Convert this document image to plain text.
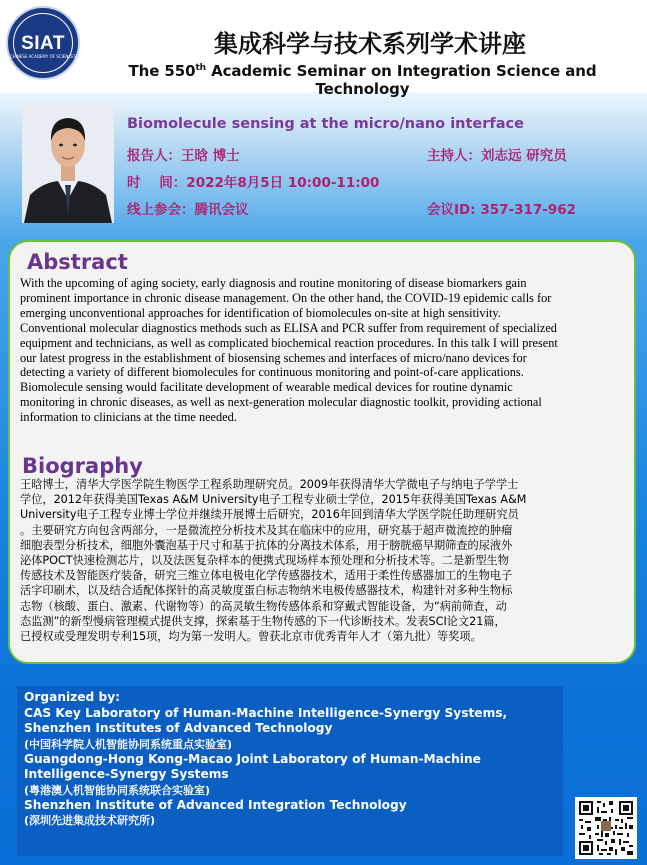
SIAT
CHINESE ACADEMY OF SCIENCES	集成科学与技术系列学术讲座
The 550th Academic Seminar on Integration Science and Technology
Biomolecule sensing at the micro/nano interface
报告人：王晗 博士	主持人：刘志远 研究员
时    间：2022年8月5日 10:00-11:00
线上参会：腾讯会议	会议ID: 357-317-962
Abstract
With the upcoming of aging society, early diagnosis and routine monitoring of disease biomarkers gain
prominent importance in chronic disease management. On the other hand, the COVID-19 epidemic calls for
emerging unconventional approaches for identification of biomolecules on-site at high sensitivity.
Conventional molecular diagnostics methods such as ELISA and PCR suffer from requirement of specialized
equipment and technicians, as well as complicated biochemical reaction procedures. In this talk I will present
our latest progress in the establishment of biosensing schemes and interfaces of micro/nano devices for
detecting a variety of different biomolecules for continuous monitoring and point-of-care applications.
Biomolecule sensing would facilitate development of wearable medical devices for routine dynamic
monitoring in chronic diseases, as well as next-generation molecular diagnostic toolkit, providing actional
information to clinicians at the time needed.
Biography
王晗博士，清华大学医学院生物医学工程系助理研究员。2009年获得清华大学微电子与纳电子学学士
学位，2012年获得美国Texas A&M University电子工程专业硕士学位，2015年获得美国Texas A&M
University电子工程专业博士学位并继续开展博士后研究，2016年回到清华大学医学院任助理研究员
。主要研究方向包含两部分，一是微流控分析技术及其在临床中的应用，研究基于超声微流控的肿瘤
细胞表型分析技术，细胞外囊泡基于尺寸和基于抗体的分离技术体系，用于膀胱癌早期筛查的尿液外
泌体POCT快速检测芯片，以及法医复杂样本的便携式现场样本预处理和分析技术等。二是新型生物
传感技术及智能医疗装备，研究三维立体电极电化学传感器技术，适用于柔性传感器加工的生物电子
活字印刷术，以及结合适配体探针的高灵敏度蛋白标志物纳米电极传感器技术，构建针对多种生物标
志物（核酸、蛋白、激素、代谢物等）的高灵敏生物传感体系和穿戴式智能设备，为“病前筛查，动
态监测”的新型慢病管理模式提供支撑，探索基于生物传感的下一代诊断技术。发表SCI论文21篇，
已授权或受理发明专利15项，均为第一发明人。曾获北京市优秀青年人才（第九批）等奖项。
Organized by:
CAS Key Laboratory of Human-Machine Intelligence-Synergy Systems,
Shenzhen Institutes of Advanced Technology
(中国科学院人机智能协同系统重点实验室)
Guangdong-Hong Kong-Macao Joint Laboratory of Human-Machine
Intelligence-Synergy Systems
(粤港澳人机智能协同系统联合实验室)
Shenzhen Institute of Advanced Integration Technology
(深圳先进集成技术研究所)
